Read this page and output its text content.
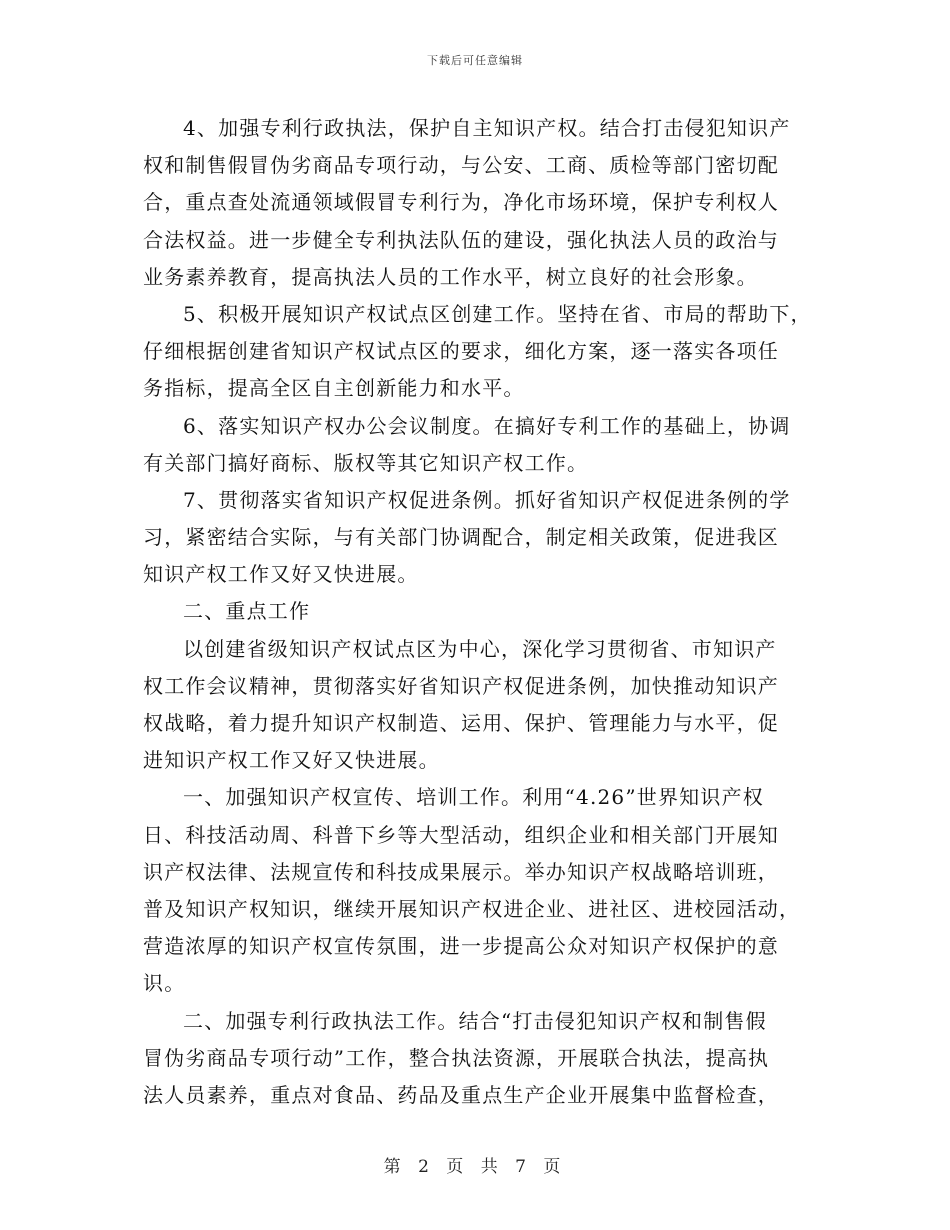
下载后可任意编辑
4、加强专利行政执法，保护自主知识产权。结合打击侵犯知识产
权和制售假冒伪劣商品专项行动，与公安、工商、质检等部门密切配
合，重点查处流通领域假冒专利行为，净化市场环境，保护专利权人
合法权益。进一步健全专利执法队伍的建设，强化执法人员的政治与
业务素养教育，提高执法人员的工作水平，树立良好的社会形象。
5、积极开展知识产权试点区创建工作。坚持在省、市局的帮助下，
仔细根据创建省知识产权试点区的要求，细化方案，逐一落实各项任
务指标，提高全区自主创新能力和水平。
6、落实知识产权办公会议制度。在搞好专利工作的基础上，协调
有关部门搞好商标、版权等其它知识产权工作。
7、贯彻落实省知识产权促进条例。抓好省知识产权促进条例的学
习，紧密结合实际，与有关部门协调配合，制定相关政策，促进我区
知识产权工作又好又快进展。
二、重点工作
以创建省级知识产权试点区为中心，深化学习贯彻省、市知识产
权工作会议精神，贯彻落实好省知识产权促进条例，加快推动知识产
权战略，着力提升知识产权制造、运用、保护、管理能力与水平，促
进知识产权工作又好又快进展。
一、加强知识产权宣传、培训工作。利用“4.26”世界知识产权
日、科技活动周、科普下乡等大型活动，组织企业和相关部门开展知
识产权法律、法规宣传和科技成果展示。举办知识产权战略培训班，
普及知识产权知识，继续开展知识产权进企业、进社区、进校园活动，
营造浓厚的知识产权宣传氛围，进一步提高公众对知识产权保护的意
识。
二、加强专利行政执法工作。结合“打击侵犯知识产权和制售假
冒伪劣商品专项行动”工作，整合执法资源，开展联合执法，提高执
法人员素养，重点对食品、药品及重点生产企业开展集中监督检查，
第 2 页 共 7 页
